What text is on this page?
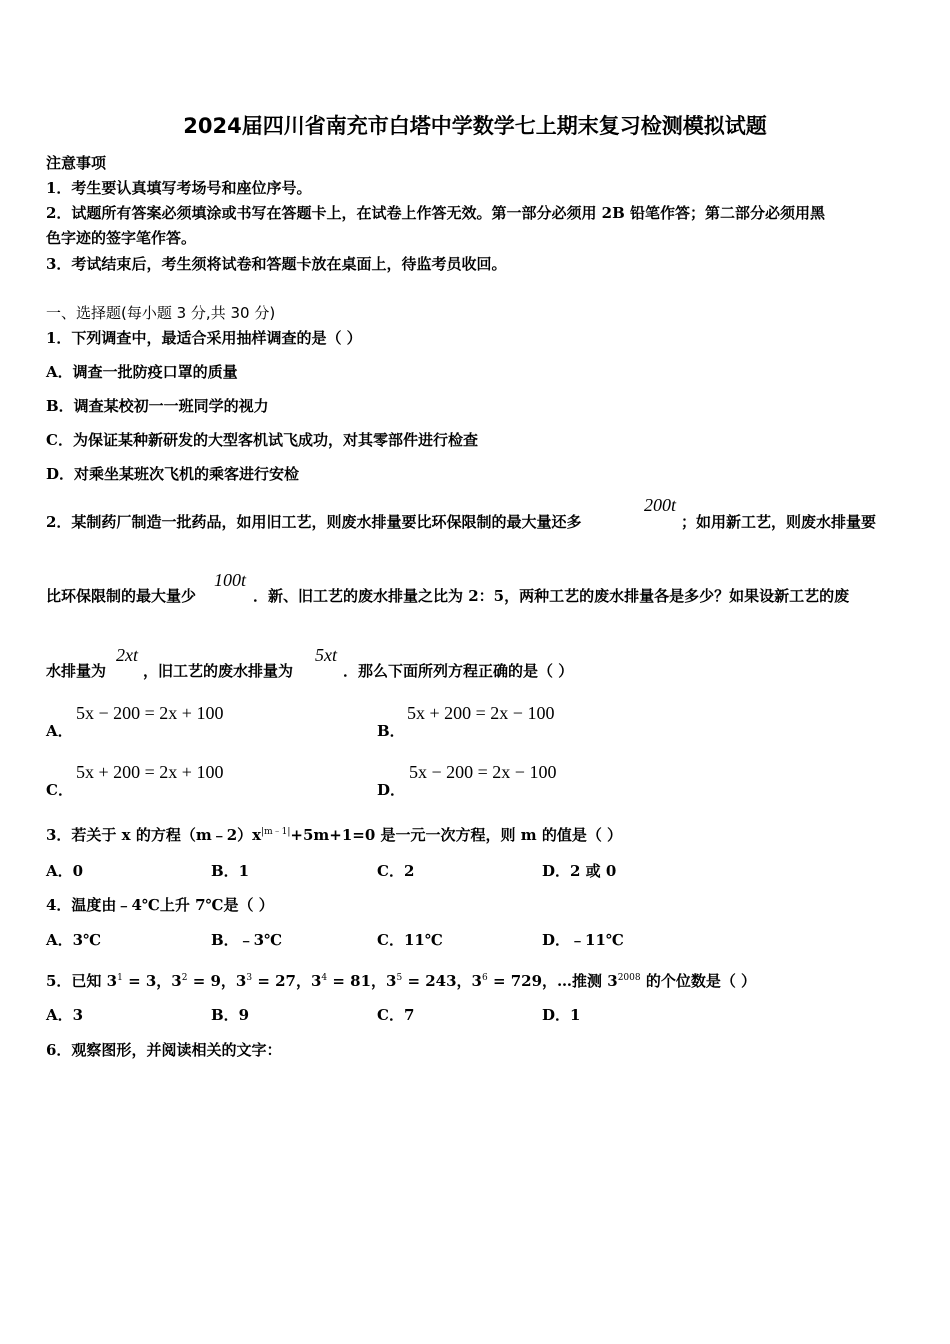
2024届四川省南充市白塔中学数学七上期末复习检测模拟试题
注意事项
1．考生要认真填写考场号和座位序号。
2．试题所有答案必须填涂或书写在答题卡上，在试卷上作答无效。第一部分必须用 2B 铅笔作答；第二部分必须用黑
色字迹的签字笔作答。
3．考试结束后，考生须将试卷和答题卡放在桌面上，待监考员收回。
一、选择题(每小题 3 分,共 30 分)
1．下列调查中，最适合采用抽样调查的是（ ）
A．调查一批防疫口罩的质量
B．调查某校初一一班同学的视力
C．为保证某种新研发的大型客机试飞成功，对其零部件进行检查
D．对乘坐某班次飞机的乘客进行安检
2．某制药厂制造一批药品，如用旧工艺，则废水排量要比环保限制的最大量还多
200t
；如用新工艺，则废水排量要
比环保限制的最大量少
100t
．新、旧工艺的废水排量之比为 2：5，两种工艺的废水排量各是多少？如果设新工艺的废
水排量为
2xt
，旧工艺的废水排量为
5xt
．那么下面所列方程正确的是（ ）
A．
5x − 200 = 2x + 100
B．
5x + 200 = 2x − 100
C．
5x + 200 = 2x + 100
D．
5x − 200 = 2x − 100
3．若关于 x 的方程$(m﹣2)x^{|m﹣1|}+5m+1=0$ 是一元一次方程，则 m 的值是（ ）
A．0	B．1	C．2	D．2 或 0
4．温度由﹣4℃上升 7℃是（ ）
A．3℃	B．﹣3℃	C．11℃	D．﹣11℃
5．已知 $3^1 = 3$，$3^2 = 9$，$3^3 = 27$，$3^4 = 81$，$3^5 = 243$，$3^6 = 729$，…推测 $3^{2008}$ 的个位数是（ ）
A．3	B．9	C．7	D．1
6．观察图形，并阅读相关的文字：
